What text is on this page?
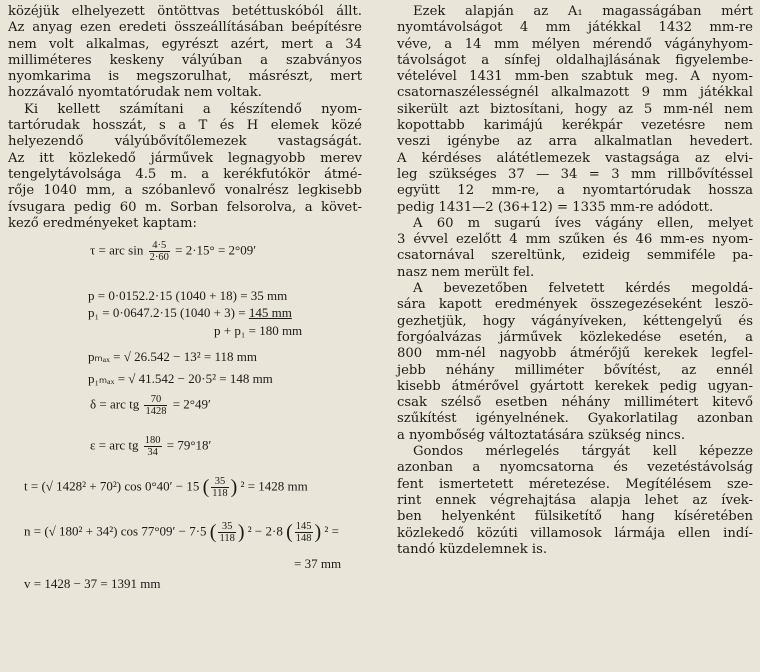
közéjük elhelyezett öntöttvas betéttuskóból állt.
Az anyag ezen eredeti összeállításában beépítésre
nem volt alkalmas, egyrészt azért, mert a 34
milliméteres keskeny vályúban a szabványos
nyomkarima is megszorulhat, másrészt, mert
hozzávaló nyomtatórudak nem voltak.
Ki kellett számítani a készítendő nyom-
tartórudak hosszát, s a T és H elemek közé
helyezendő vályúbővítőlemezek vastagságát.
Az itt közlekedő járművek legnagyobb merev
tengelytávolsága 4.5 m. a kerékfutókör átmé-
rője 1040 mm, a szóbanlevő vonalrész legkisebb
ívsugara pedig 60 m. Sorban felsorolva, a követ-
kező eredményeket kaptam:
τ = arc $\sin \frac{4\cdot 5}{2\cdot 60} = 2\cdot 15^\circ = 2^\circ 09'$
p = 0·0152.2·15 (1040 + 18) = 35 mm
p₁ = 0·0647.2·15 (1040 + 3) = 145 mm
p + p₁ = 180 mm
pₘₐₓ = √ 26.542 − 13² = 118 mm
p₁ₘₐₓ = √ 41.542 − 20·5² = 148 mm
δ = arc tg $\frac{70}{1428} = 2^\circ 49'$
ε = arc tg $\frac{180}{34} = 79^\circ 18'$
t = (√ 1428² + 70²) cos 0°40′ − 15 ( $\frac{35}{118}$ ) ² = 1428 mm
n = (√ 180² + 34²) cos 77°09′ − 7·5 ( $\frac{35}{118}$ ) ² − 2·8 ( $\frac{145}{148}$ ) ² =
= 37 mm
v = 1428 − 37 = 1391 mm
Ezek alapján az A₁ magasságában mért
nyomtávolságot 4 mm játékkal 1432 mm-re
véve, a 14 mm mélyen mérendő vágányhyom-
távolságot a sínfej oldalhajlásának figyelembe-
vételével 1431 mm-ben szabtuk meg. A nyom-
csatornaszélességnél alkalmazott 9 mm játékkal
sikerült azt biztosítani, hogy az 5 mm-nél nem
kopottabb karimájú kerékpár vezetésre nem
veszi igénybe az arra alkalmatlan hevedert.
A kérdéses alátétlemezek vastagsága az elvi-
leg szükséges 37 — 34 = 3 mm rillbővítéssel
együtt 12 mm-re, a nyomtartórudak hossza
pedig 1431—2 (36+12) = 1335 mm-re adódott.
A 60 m sugarú íves vágány ellen, melyet
3 évvel ezelőtt 4 mm szűken és 46 mm-es nyom-
csatornával szereltünk, ezideig semmiféle pa-
nasz nem merült fel.
A bevezetőben felvetett kérdés megoldá-
sára kapott eredmények összegezéseként leszö-
gezhetjük, hogy vágányíveken, kéttengelyű és
forgóalvázas járművek közlekedése esetén, a
800 mm-nél nagyobb átmérőjű kerekek legfel-
jebb néhány milliméter bővítést, az ennél
kisebb átmérővel gyártott kerekek pedig ugyan-
csak szélső esetben néhány millimétert kitevő
szűkítést igényelnének. Gyakorlatilag azonban
a nyombőség változtatására szükség nincs.
Gondos mérlegelés tárgyát kell képezze
azonban a nyomcsatorna és vezetéstávolság
fent ismertetett méretezése. Megítélésem sze-
rint ennek végrehajtása alapja lehet az ívek-
ben helyenként fülsiketítő hang kíséretében
közlekedő közúti villamosok lármája ellen indí-
tandó küzdelemnek is.
